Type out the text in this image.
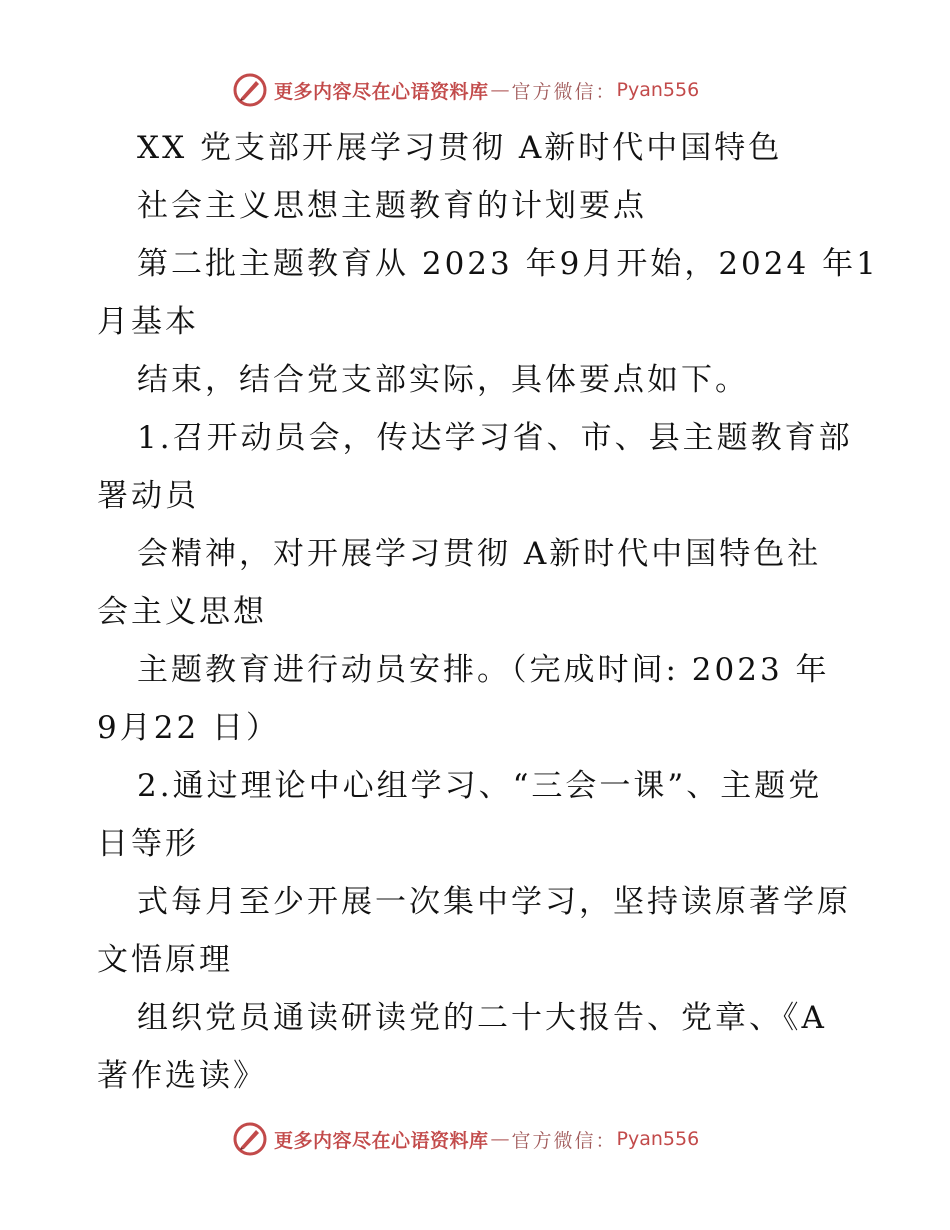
更多内容尽在心语资料库 — 官方微信： Pyan556
XX 党支部开展学习贯彻 A新时代中国特色
社会主义思想主题教育的计划要点
第二批主题教育从 2023 年9月开始，2024 年1
月基本
结束，结合党支部实际，具体要点如下。
1.召开动员会，传达学习省、市、县主题教育部
署动员
会精神，对开展学习贯彻 A新时代中国特色社
会主义思想
主题教育进行动员安排。（完成时间: 2023 年
9月22 日）
2.通过理论中心组学习、“三会一课”、主题党
日等形
式每月至少开展一次集中学习，坚持读原著学原
文悟原理
组织党员通读研读党的二十大报告、党章、《A
著作选读》
更多内容尽在心语资料库 — 官方微信： Pyan556
